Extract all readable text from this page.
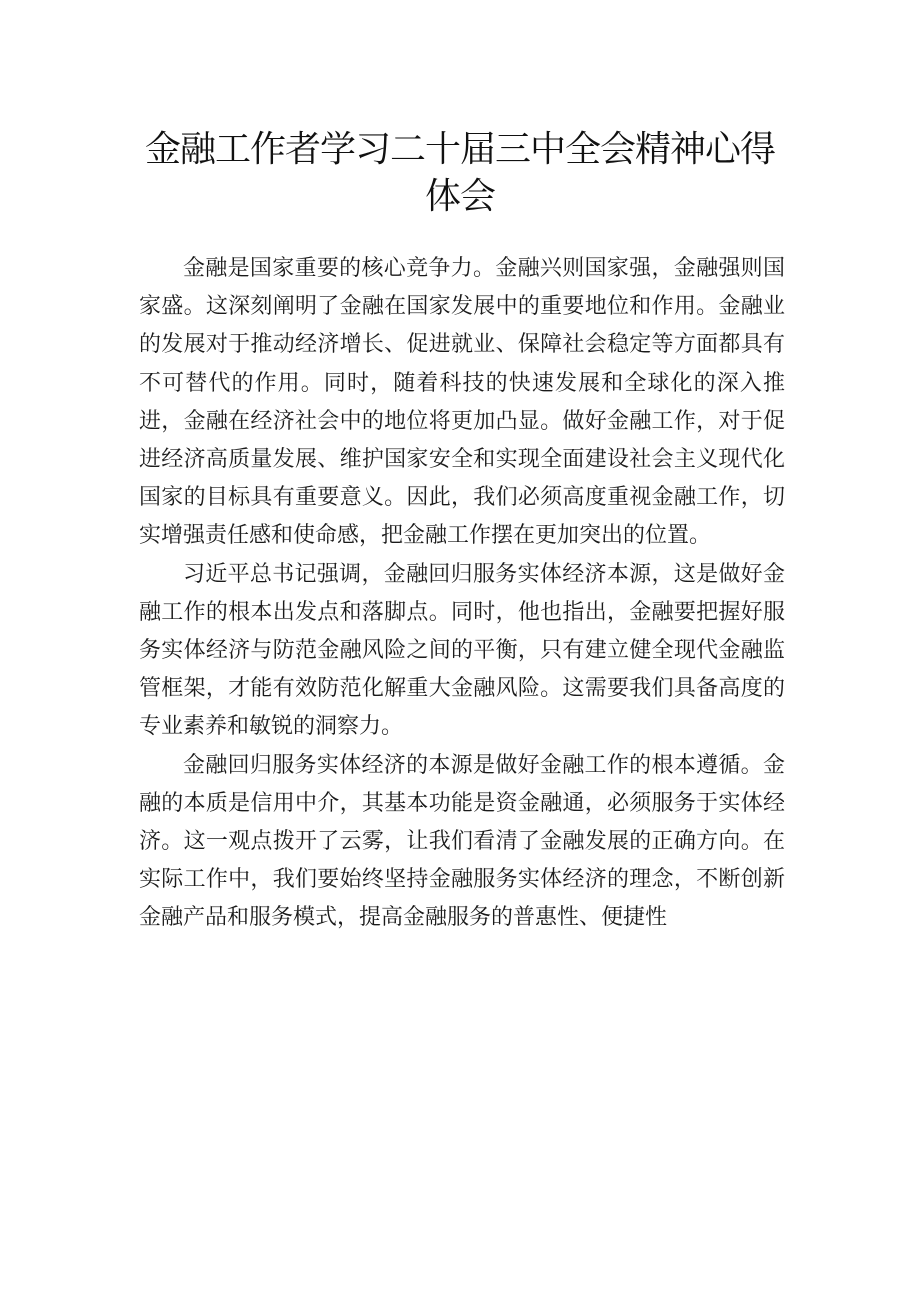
金融工作者学习二十届三中全会精神心得体会

金融是国家重要的核心竞争力。金融兴则国家强，金融强则国家盛。这深刻阐明了金融在国家发展中的重要地位和作用。金融业的发展对于推动经济增长、促进就业、保障社会稳定等方面都具有不可替代的作用。同时，随着科技的快速发展和全球化的深入推进，金融在经济社会中的地位将更加凸显。做好金融工作，对于促进经济高质量发展、维护国家安全和实现全面建设社会主义现代化国家的目标具有重要意义。因此，我们必须高度重视金融工作，切实增强责任感和使命感，把金融工作摆在更加突出的位置。

习近平总书记强调，金融回归服务实体经济本源，这是做好金融工作的根本出发点和落脚点。同时，他也指出，金融要把握好服务实体经济与防范金融风险之间的平衡，只有建立健全现代金融监管框架，才能有效防范化解重大金融风险。这需要我们具备高度的专业素养和敏锐的洞察力。

金融回归服务实体经济的本源是做好金融工作的根本遵循。金融的本质是信用中介，其基本功能是资金融通，必须服务于实体经济。这一观点拨开了云雾，让我们看清了金融发展的正确方向。在实际工作中，我们要始终坚持金融服务实体经济的理念，不断创新金融产品和服务模式，提高金融服务的普惠性、便捷性
